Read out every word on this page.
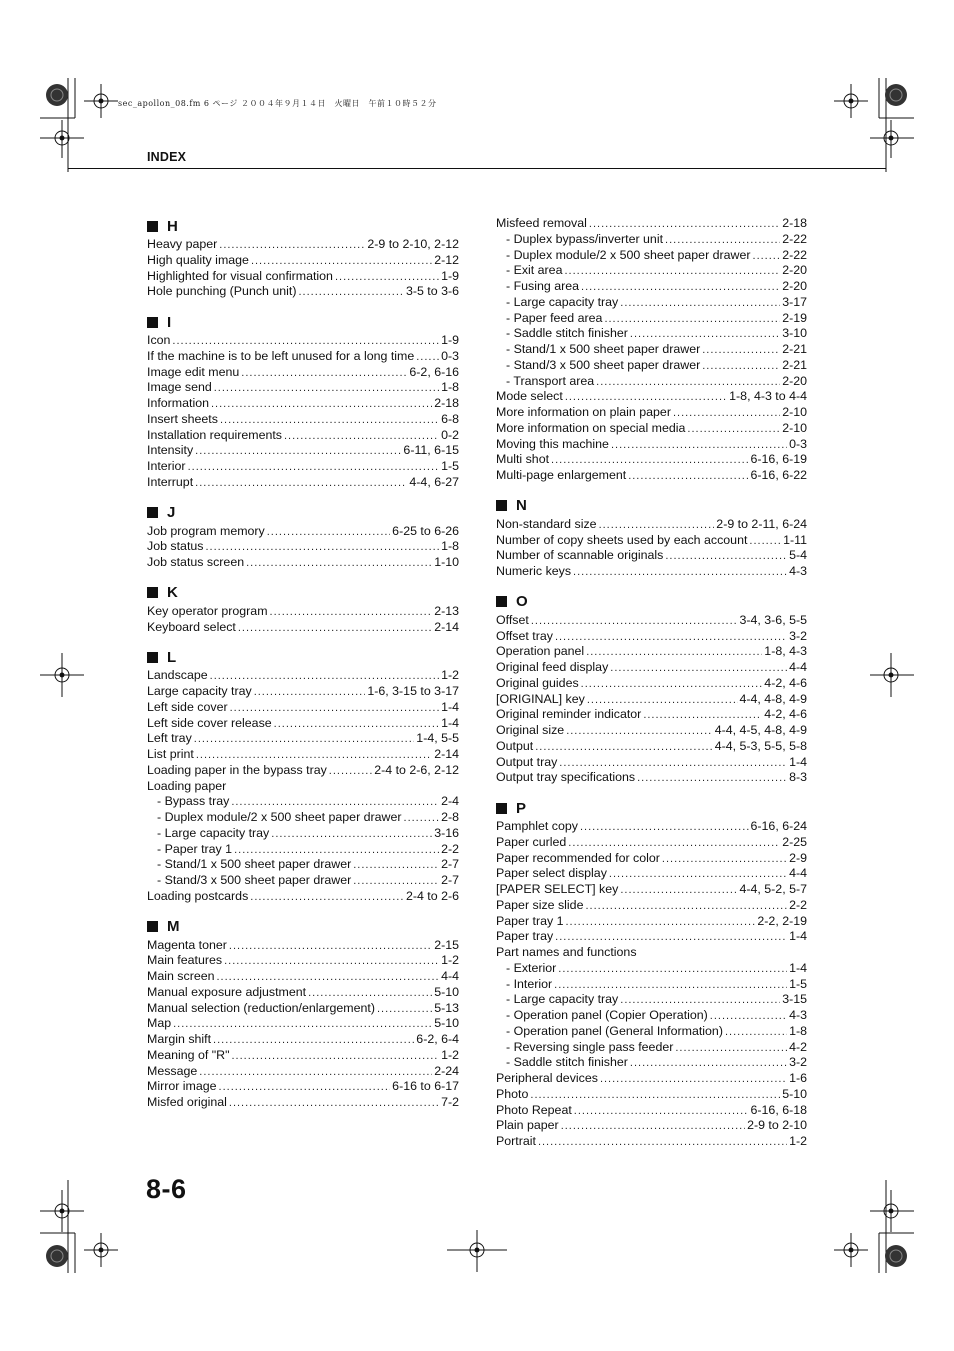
sec_apollon_08.fm 6 ページ ２００４年９月１４日　火曜日　午前１０時５２分
INDEX
H
Heavy paper .....	2-9 to 2-10, 2-12
High quality image .....	2-12
Highlighted for visual confirmation .....	1-9
Hole punching (Punch unit) .....	3-5 to 3-6
I
Icon .....	1-9
If the machine is to be left unused for a long time ..... 0-3
Image edit menu .....	6-2, 6-16
Image send .....	1-8
Information .....	2-18
Insert sheets .....	6-8
Installation requirements .....	0-2
Intensity .....	6-11, 6-15
Interior .....	1-5
Interrupt .....	4-4, 6-27
J
Job program memory .....	6-25 to 6-26
Job status .....	1-8
Job status screen .....	1-10
K
Key operator program .....	2-13
Keyboard select .....	2-14
L
Landscape .....	1-2
Large capacity tray .....	1-6, 3-15 to 3-17
Left side cover .....	1-4
Left side cover release .....	1-4
Left tray .....	1-4, 5-5
List print .....	2-14
Loading paper in the bypass tray .....	2-4 to 2-6, 2-12
Loading paper
- Bypass tray .....	2-4
- Duplex module/2 x 500 sheet paper drawer .....	2-8
- Large capacity tray .....	3-16
- Paper tray 1 .....	2-2
- Stand/1 x 500 sheet paper drawer .....	2-7
- Stand/3 x 500 sheet paper drawer .....	2-7
Loading postcards .....	2-4 to 2-6
M
Magenta toner .....	2-15
Main features .....	1-2
Main screen .....	4-4
Manual exposure adjustment .....	5-10
Manual selection (reduction/enlargement) .....	5-13
Map .....	5-10
Margin shift .....	6-2, 6-4
Meaning of "R" .....	1-2
Message .....	2-24
Mirror image .....	6-16 to 6-17
Misfed original .....	7-2
Misfeed removal .....	2-18
- Duplex bypass/inverter unit .....	2-22
- Duplex module/2 x 500 sheet paper drawer .....	2-22
- Exit area .....	2-20
- Fusing area .....	2-20
- Large capacity tray .....	3-17
- Paper feed area .....	2-19
- Saddle stitch finisher .....	3-10
- Stand/1 x 500 sheet paper drawer .....	2-21
- Stand/3 x 500 sheet paper drawer .....	2-21
- Transport area .....	2-20
Mode select .....	1-8, 4-3 to 4-4
More information on plain paper .....	2-10
More information on special media .....	2-10
Moving this machine .....	0-3
Multi shot .....	6-16, 6-19
Multi-page enlargement .....	6-16, 6-22
N
Non-standard size .....	2-9 to 2-11, 6-24
Number of copy sheets used by each account .....	1-11
Number of scannable originals .....	5-4
Numeric keys .....	4-3
O
Offset .....	3-4, 3-6, 5-5
Offset tray .....	3-2
Operation panel .....	1-8, 4-3
Original feed display .....	4-4
Original guides .....	4-2, 4-6
[ORIGINAL] key .....	4-4, 4-8, 4-9
Original reminder indicator .....	4-2, 4-6
Original size .....	4-4, 4-5, 4-8, 4-9
Output .....	4-4, 5-3, 5-5, 5-8
Output tray .....	1-4
Output tray specifications .....	8-3
P
Pamphlet copy .....	6-16, 6-24
Paper curled .....	2-25
Paper recommended for color .....	2-9
Paper select display .....	4-4
[PAPER SELECT] key .....	4-4, 5-2, 5-7
Paper size slide .....	2-2
Paper tray 1 .....	2-2, 2-19
Paper tray .....	1-4
Part names and functions
- Exterior .....	1-4
- Interior .....	1-5
- Large capacity tray .....	3-15
- Operation panel (Copier Operation) .....	4-3
- Operation panel (General Information) .....	1-8
- Reversing single pass feeder .....	4-2
- Saddle stitch finisher .....	3-2
Peripheral devices .....	1-6
Photo .....	5-10
Photo Repeat .....	6-16, 6-18
Plain paper .....	2-9 to 2-10
Portrait .....	1-2
8-6
